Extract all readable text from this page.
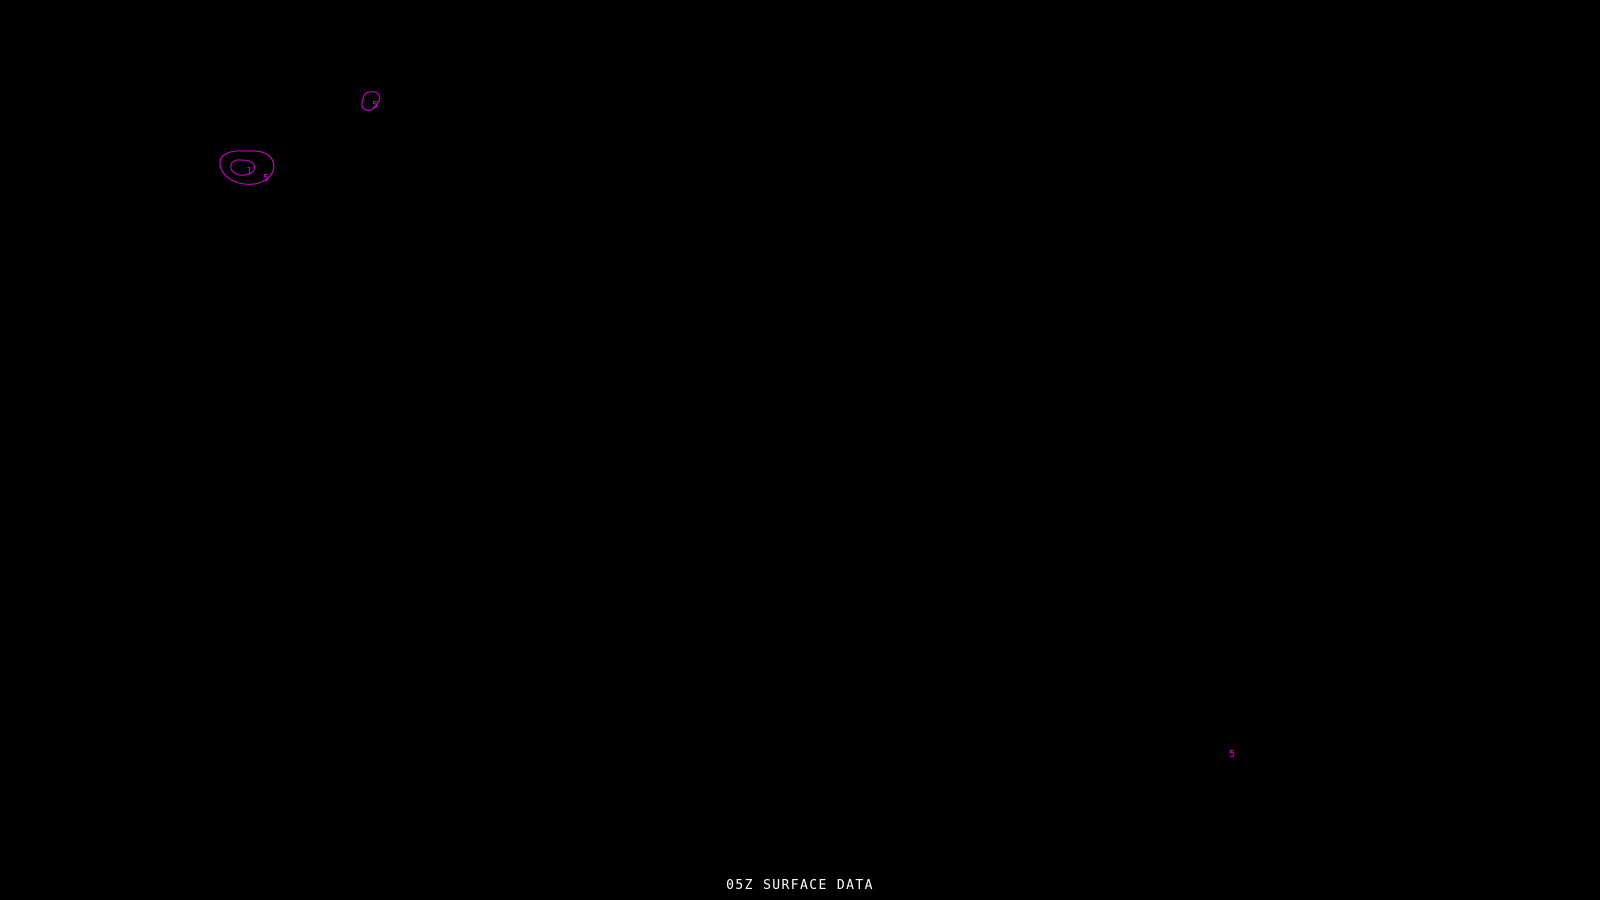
5
1
5
5
05Z SURFACE DATA
